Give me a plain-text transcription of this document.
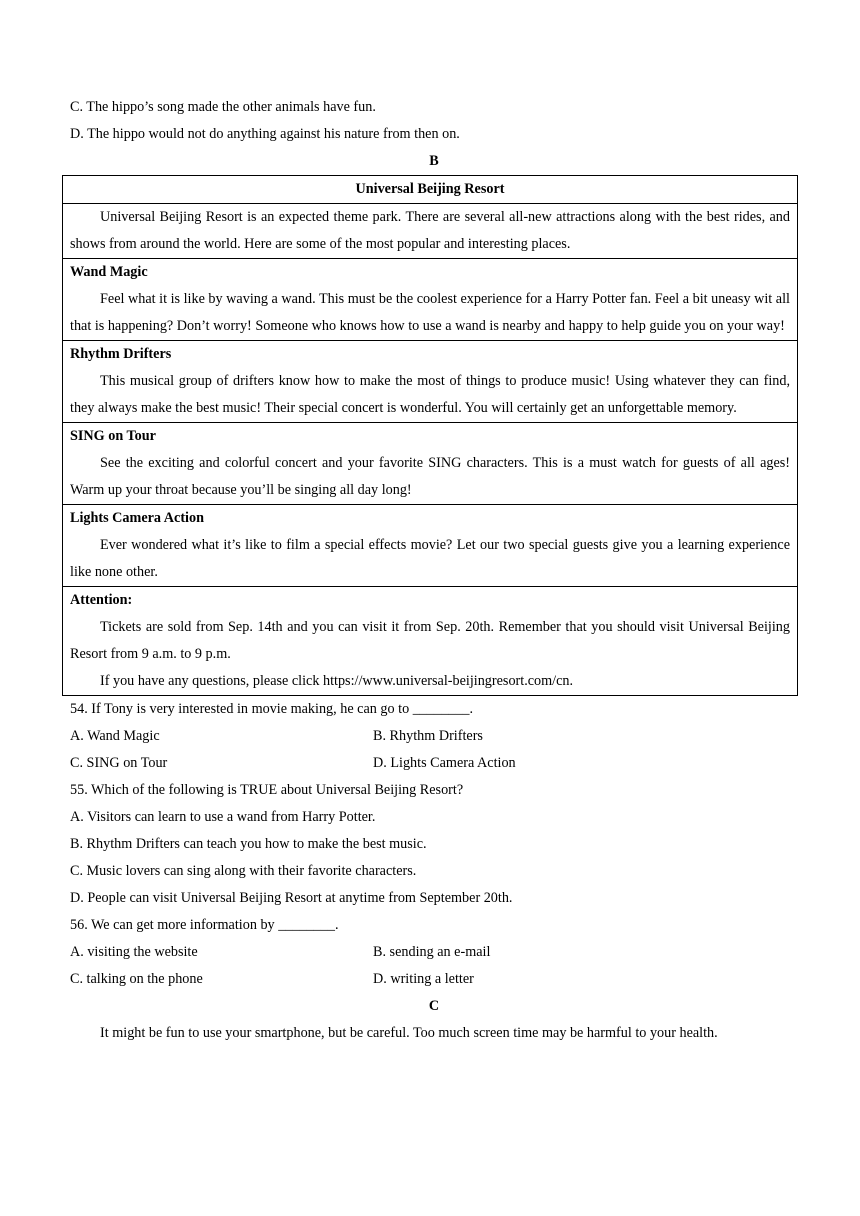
C. The hippo’s song made the other animals have fun.
D. The hippo would not do anything against his nature from then on.
B
Universal Beijing Resort

Universal Beijing Resort is an expected theme park. There are several all-new attractions along with the best rides, and shows from around the world. Here are some of the most popular and interesting places.

Wand Magic
Feel what it is like by waving a wand. This must be the coolest experience for a Harry Potter fan. Feel a bit uneasy wit all that is happening? Don’t worry! Someone who knows how to use a wand is nearby and happy to help guide you on your way!

Rhythm Drifters
This musical group of drifters know how to make the most of things to produce music! Using whatever they can find, they always make the best music! Their special concert is wonderful. You will certainly get an unforgettable memory.

SING on Tour
See the exciting and colorful concert and your favorite SING characters. This is a must watch for guests of all ages! Warm up your throat because you’ll be singing all day long!

Lights Camera Action
Ever wondered what it’s like to film a special effects movie? Let our two special guests give you a learning experience like none other.

Attention:
Tickets are sold from Sep. 14th and you can visit it from Sep. 20th. Remember that you should visit Universal Beijing Resort from 9 a.m. to 9 p.m.
If you have any questions, please click https://www.universal-beijingresort.com/cn.
54. If Tony is very interested in movie making, he can go to ________.
A. Wand Magic	B. Rhythm Drifters
C. SING on Tour	D. Lights Camera Action
55. Which of the following is TRUE about Universal Beijing Resort?
A. Visitors can learn to use a wand from Harry Potter.
B. Rhythm Drifters can teach you how to make the best music.
C. Music lovers can sing along with their favorite characters.
D. People can visit Universal Beijing Resort at anytime from September 20th.
56. We can get more information by ________.
A. visiting the website	B. sending an e-mail
C. talking on the phone	D. writing a letter
C
It might be fun to use your smartphone, but be careful. Too much screen time may be harmful to your health.
